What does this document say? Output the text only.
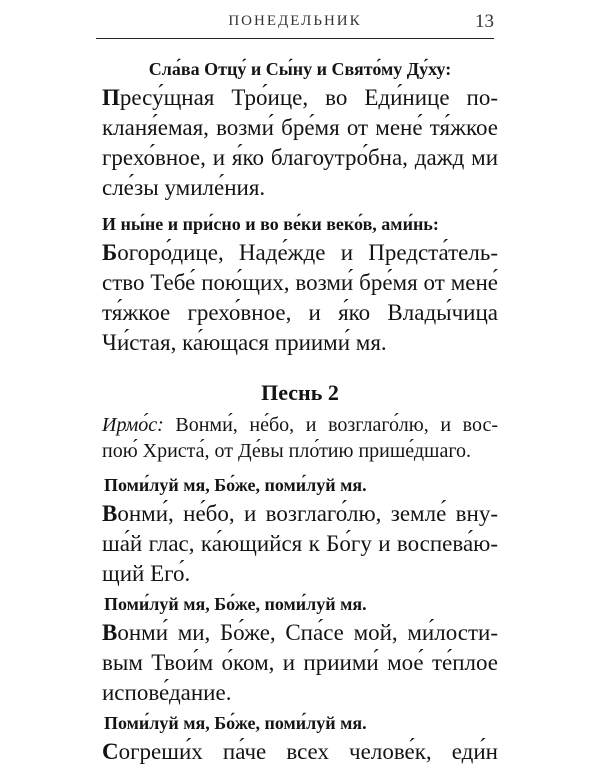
ПОНЕДЕЛЬНИК	13
Сла́ва Отцу́ и Сы́ну и Свято́му Ду́ху:
Пресу́щная Тро́ице, во Еди́нице по-
кланя́емая, возми́ бре́мя от мене́ тя́жкое
грехо́вное, и я́ко благоутро́бна, дажд ми
сле́зы умиле́ния.
И ны́не и при́сно и во ве́ки веко́в, ами́нь:
Богоро́дице, Наде́жде и Предста́тель-
ство Тебе́ пою́щих, возми́ бре́мя от мене́
тя́жкое грехо́вное, и я́ко Влады́чица
Чи́стая, ка́ющася приими́ мя.
Песнь 2
Ирмо́с: Вонми́, не́бо, и возглаго́лю, и вос-
пою́ Христа́, от Де́вы пло́тию прише́дшаго.
Поми́луй мя, Бо́же, поми́луй мя.
Вонми́, не́бо, и возглаго́лю, земле́ вну-
ша́й глас, ка́ющийся к Бо́гу и воспева́ю-
щий Его́.
Поми́луй мя, Бо́же, поми́луй мя.
Вонми́ ми, Бо́же, Спа́се мой, ми́лости-
вым Твои́м о́ком, и приими́ мое́ те́плое
испове́дание.
Поми́луй мя, Бо́же, поми́луй мя.
Согреши́х па́че всех челове́к, еди́н
